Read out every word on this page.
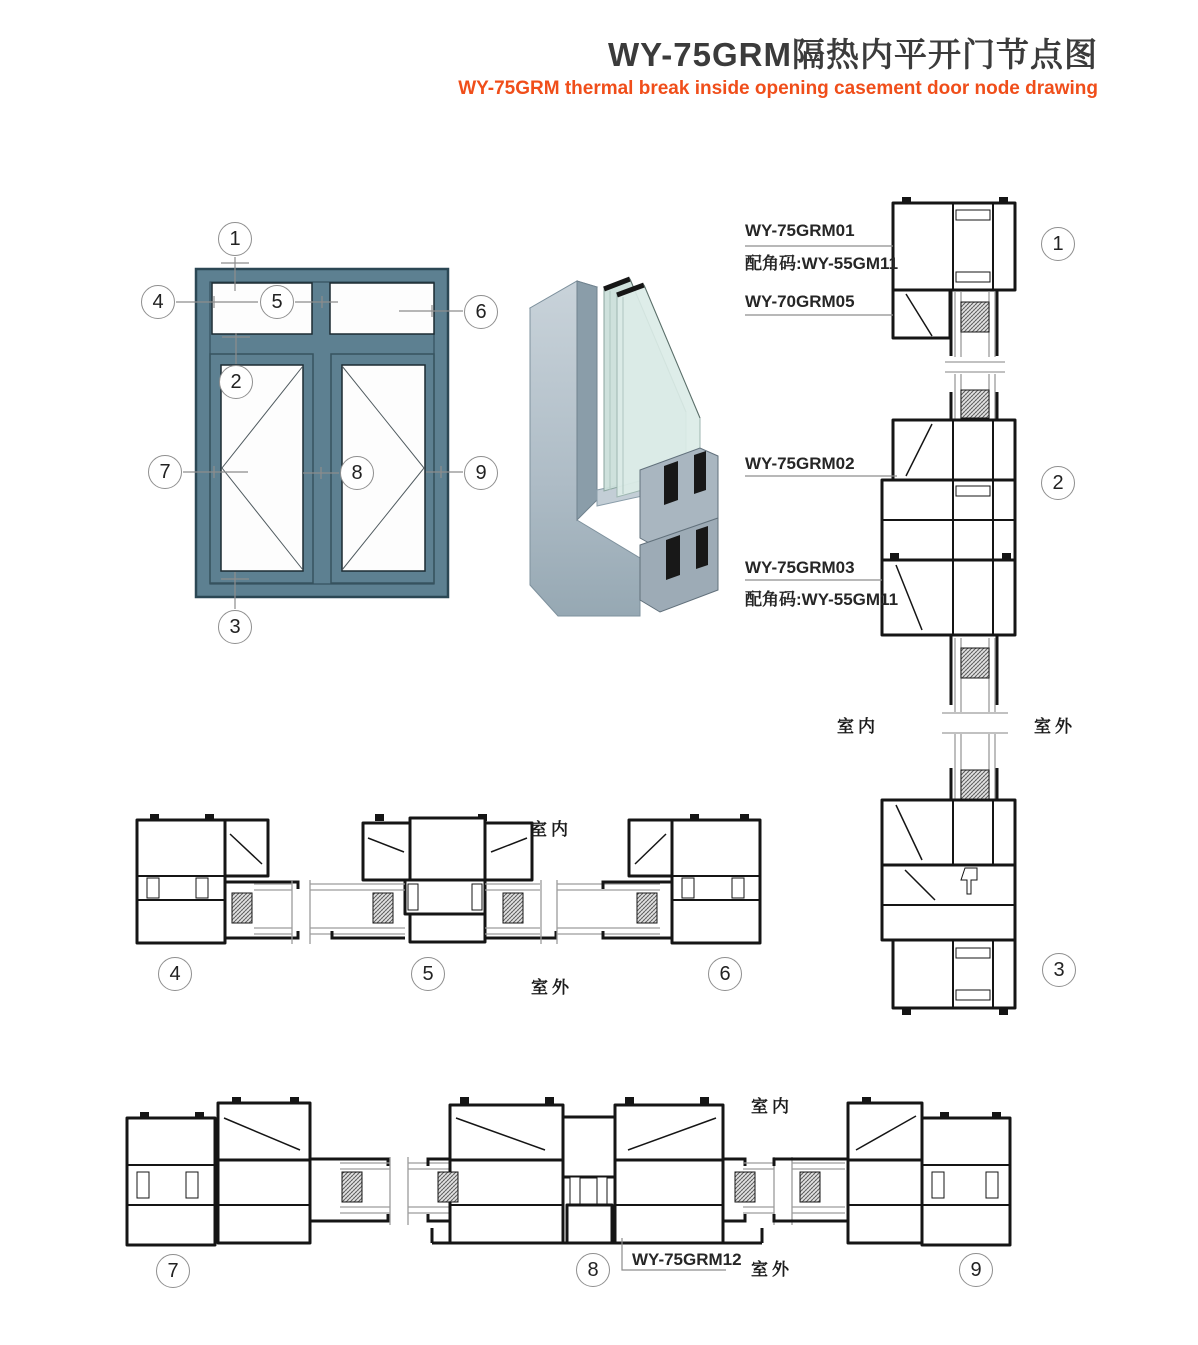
WY-75GRM隔热内平开门节点图
WY-75GRM thermal break inside opening casement door node drawing
1
2
3
4	5	6
7	8	9
1
2
3
4	5	6
7	8	9
WY-75GRM01
配角码:WY-55GM11
WY-70GRM05
WY-75GRM02
WY-75GRM03
配角码:WY-55GM11
WY-75GRM12
室内	室外
室内
室外
室内
室外
